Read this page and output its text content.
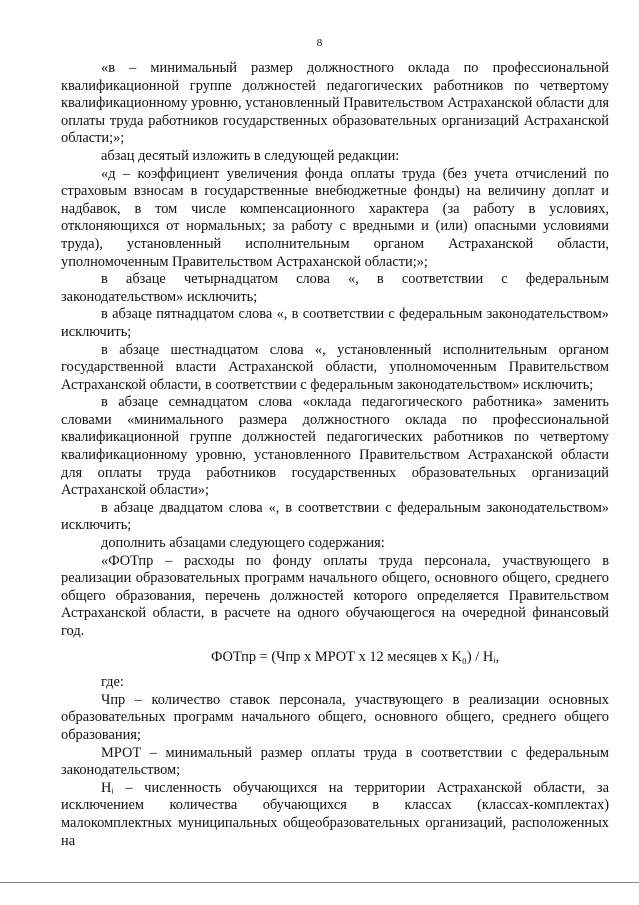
8

«в – минимальный размер должностного оклада по профессиональной квалификационной группе должностей педагогических работников по четвертому квалификационному уровню, установленный Правительством Астраханской области для оплаты труда работников государственных образовательных организаций Астраханской области;»;

абзац десятый изложить в следующей редакции:

«д – коэффициент увеличения фонда оплаты труда (без учета отчислений по страховым взносам в государственные внебюджетные фонды) на величину доплат и надбавок, в том числе компенсационного характера (за работу в условиях, отклоняющихся от нормальных; за работу с вредными и (или) опасными условиями труда), установленный исполнительным органом Астраханской области, уполномоченным Правительством Астраханской области;»;

в абзаце четырнадцатом слова «, в соответствии с федеральным законодательством» исключить;

в абзаце пятнадцатом слова «, в соответствии с федеральным законодательством» исключить;

в абзаце шестнадцатом слова «, установленный исполнительным органом государственной власти Астраханской области, уполномоченным Правительством Астраханской области, в соответствии с федеральным законодательством» исключить;

в абзаце семнадцатом слова «оклада педагогического работника» заменить словами «минимального размера должностного оклада по профессиональной квалификационной группе должностей педагогических работников по четвертому квалификационному уровню, установленного Правительством Астраханской области для оплаты труда работников государственных образовательных организаций Астраханской области»;

в абзаце двадцатом слова «, в соответствии с федеральным законодательством» исключить;

дополнить абзацами следующего содержания:

«ФОТпр – расходы по фонду оплаты труда персонала, участвующего в реализации образовательных программ начального общего, основного общего, среднего общего образования, перечень должностей которого определяется Правительством Астраханской области, в расчете на одного обучающегося на очередной финансовый год.

ФОТпр = (Чпр х МРОТ х 12 месяцев х K₀) / Hᵢ,

где:

Чпр – количество ставок персонала, участвующего в реализации основных образовательных программ начального общего, основного общего, среднего общего образования;

МРОТ – минимальный размер оплаты труда в соответствии с федеральным законодательством;

Hᵢ – численность обучающихся на территории Астраханской области, за исключением количества обучающихся в классах (классах-комплектах) малокомплектных муниципальных общеобразовательных организаций, расположенных на
